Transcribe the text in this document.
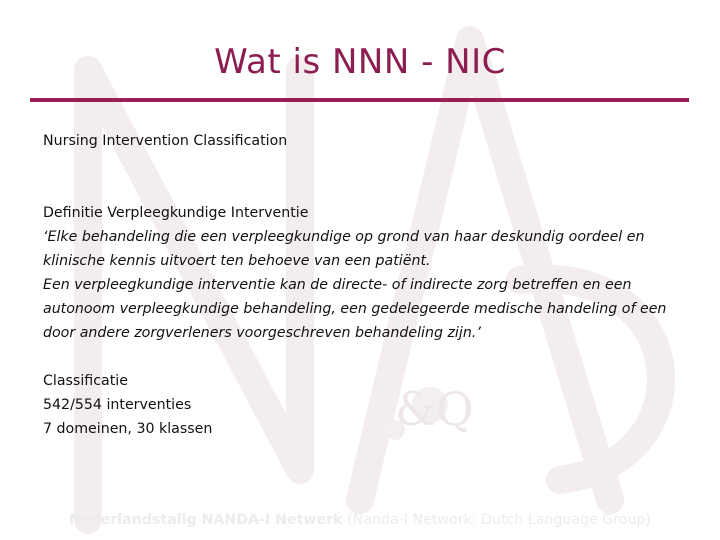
&Q
Wat is NNN - NIC

Nursing Intervention Classification

Definitie Verpleegkundige Interventie

‘Elke behandeling die een verpleegkundige op grond van haar deskundig oordeel en klinische kennis uitvoert ten behoeve van een patiënt.

Een verpleegkundige interventie kan de directe- of indirecte zorg betreffen en een autonoom verpleegkundige behandeling, een gedelegeerde medische handeling of een door andere zorgverleners voorgeschreven behandeling zijn.’

Classificatie

542/554 interventies

7 domeinen, 30 klassen

Nederlandstalig NANDA-I Netwerk (Nanda-I Network: Dutch Language Group)
